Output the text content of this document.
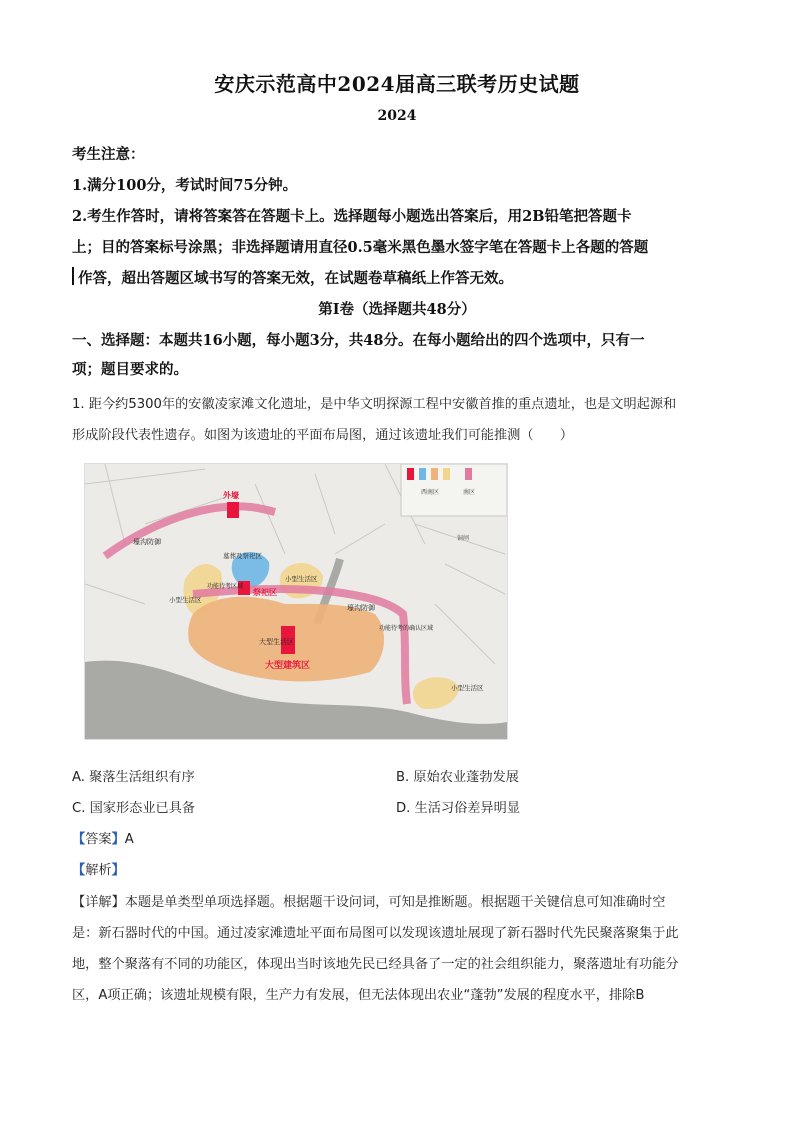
安庆示范高中2024届高三联考历史试题
2024
考生注意：
1.满分100分，考试时间75分钟。
2.考生作答时，请将答案答在答题卡上。选择题每小题选出答案后，用2B铅笔把答题卡
上；目的答案标号涂黑；非选择题请用直径0.5毫米黑色墨水签字笔在答题卡上各题的答题
作答，超出答题区域书写的答案无效，在试题卷草稿纸上作答无效。
第Ⅰ卷（选择题共48分）
一、选择题：本题共16小题，每小题3分，共48分。在每小题给出的四个选项中，只有一
项；题目要求的。
1. 距今约5300年的安徽凌家滩文化遗址，是中华文明探源工程中安徽首推的重点遗址，也是文明起源和
形成阶段代表性遗存。如图为该遗址的平面布局图，通过该遗址我们可能推测（　　）
西南区	南区
外壕
壕沟防御
墓葬及祭祀区
功能待考区域
祭祀区
小型生活区
小型生活区
壕沟防御
功能待考的确认区域
大型生活区
大型建筑区
小型生活区
铜闸
A. 聚落生活组织有序	B. 原始农业蓬勃发展
C. 国家形态业已具备	D. 生活习俗差异明显
【答案】A
【解析】
【详解】本题是单类型单项选择题。根据题干设问词，可知是推断题。根据题干关键信息可知准确时空
是：新石器时代的中国。通过凌家滩遗址平面布局图可以发现该遗址展现了新石器时代先民聚落聚集于此
地，整个聚落有不同的功能区，体现出当时该地先民已经具备了一定的社会组织能力，聚落遗址有功能分
区，A项正确；该遗址规模有限，生产力有发展，但无法体现出农业“蓬勃”发展的程度水平，排除B
